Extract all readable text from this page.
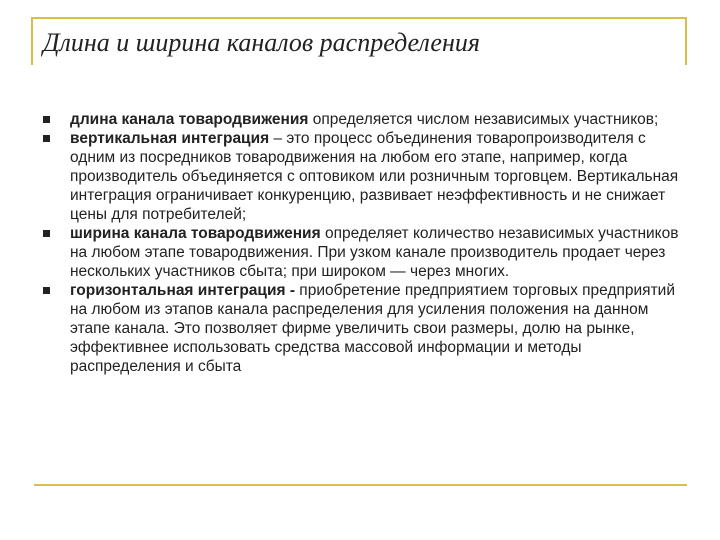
Длина и ширина каналов распределения
длина канала товародвижения определяется числом независимых участников;
вертикальная интеграция – это процесс объединения товаропроизводителя с одним из посредников товародвижения на любом его этапе, например, когда производитель объединяется с оптовиком или розничным торговцем. Вертикальная интеграция ограничивает конкуренцию, развивает неэффективность и не снижает цены для потребителей;
ширина канала товародвижения определяет количество независимых участников на любом этапе товародвижения. При узком канале производитель продает через нескольких участников сбыта; при широком — через многих.
горизонтальная интеграция - приобретение предприятием торговых предприятий на любом из этапов канала распределения для усиления положения на данном этапе канала. Это позволяет фирме увеличить свои размеры, долю на рынке, эффективнее использовать средства массовой информации и методы распределения и сбыта
